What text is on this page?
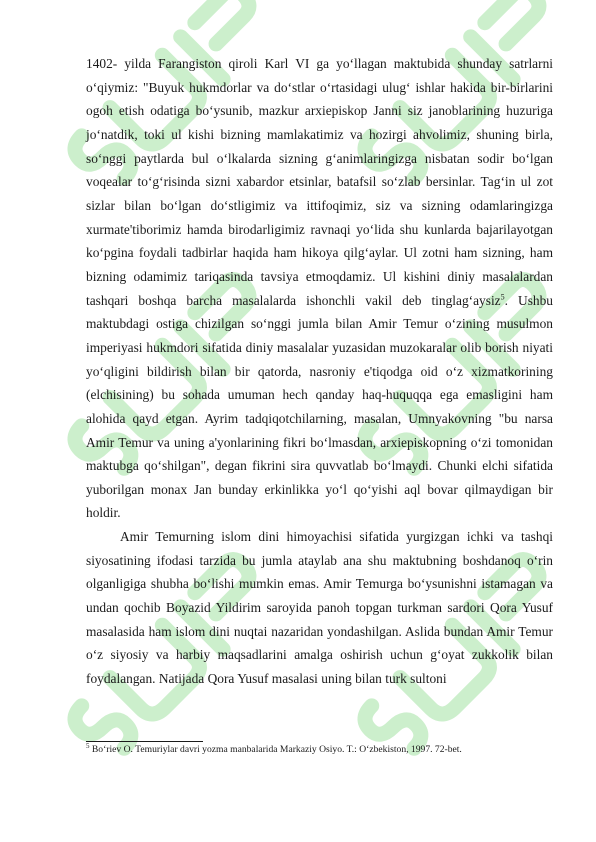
1402- yilda Farangiston qiroli Karl VI ga yo‘llagan maktubida shunday satrlarni o‘qiymiz: "Buyuk hukmdorlar va do‘stlar o‘rtasidagi ulug‘ ishlar hakida bir-birlarini ogoh etish odatiga bo‘ysunib, mazkur arxiepiskop Janni siz janoblarining huzuriga jo‘natdik, toki ul kishi bizning mamlakatimiz va hozirgi ahvolimiz, shuning birla, so‘nggi paytlarda bul o‘lkalarda sizning g‘animlaringizga nisbatan sodir bo‘lgan voqealar to‘g‘risinda sizni xabardor etsinlar, batafsil so‘zlab bersinlar. Tag‘in ul zot sizlar bilan bo‘lgan do‘stligimiz va ittifoqimiz, siz va sizning odamlaringizga xurmate'tiborimiz hamda birodarligimiz ravnaqi yo‘lida shu kunlarda bajarilayotgan ko‘pgina foydali tadbirlar haqida ham hikoya qilg‘aylar. Ul zotni ham sizning, ham bizning odamimiz tariqasinda tavsiya etmoqdamiz. Ul kishini diniy masalalardan tashqari boshqa barcha masalalarda ishonchli vakil deb tinglag‘aysiz$^5$. Ushbu maktubdagi ostiga chizilgan so‘nggi jumla bilan Amir Temur o‘zining musulmon imperiyasi hukmdori sifatida diniy masalalar yuzasidan muzokaralar olib borish niyati yo‘qligini bildirish bilan bir qatorda, nasroniy e'tiqodga oid o‘z xizmatkorining (elchisining) bu sohada umuman hech qanday haq-huquqqa ega emasligini ham alohida qayd etgan. Ayrim tadqiqotchilarning, masalan, Umnyakovning "bu narsa Amir Temur va uning a'yonlarining fikri bo‘lmasdan, arxiepiskopning o‘zi tomonidan maktubga qo‘shilgan", degan fikrini sira quvvatlab bo‘lmaydi. Chunki elchi sifatida yuborilgan monax Jan bunday erkinlikka yo‘l qo‘yishi aql bovar qilmaydigan bir holdir.

Amir Temurning islom dini himoyachisi sifatida yurgizgan ichki va tashqi siyosatining ifodasi tarzida bu jumla ataylab ana shu maktubning boshdanoq o‘rin olganligiga shubha bo‘lishi mumkin emas. Amir Temurga bo‘ysunishni istamagan va undan qochib Boyazid Yildirim saroyida panoh topgan turkman sardori Qora Yusuf masalasida ham islom dini nuqtai nazaridan yondashilgan. Aslida bundan Amir Temur o‘z siyosiy va harbiy maqsadlarini amalga oshirish uchun g‘oyat zukkolik bilan foydalangan. Natijada Qora Yusuf masalasi uning bilan turk sultoni

$^5$ Bo‘riev O. Temuriylar davri yozma manbalarida Markaziy Osiyo. T.: O‘zbekiston, 1997. 72-bet.
